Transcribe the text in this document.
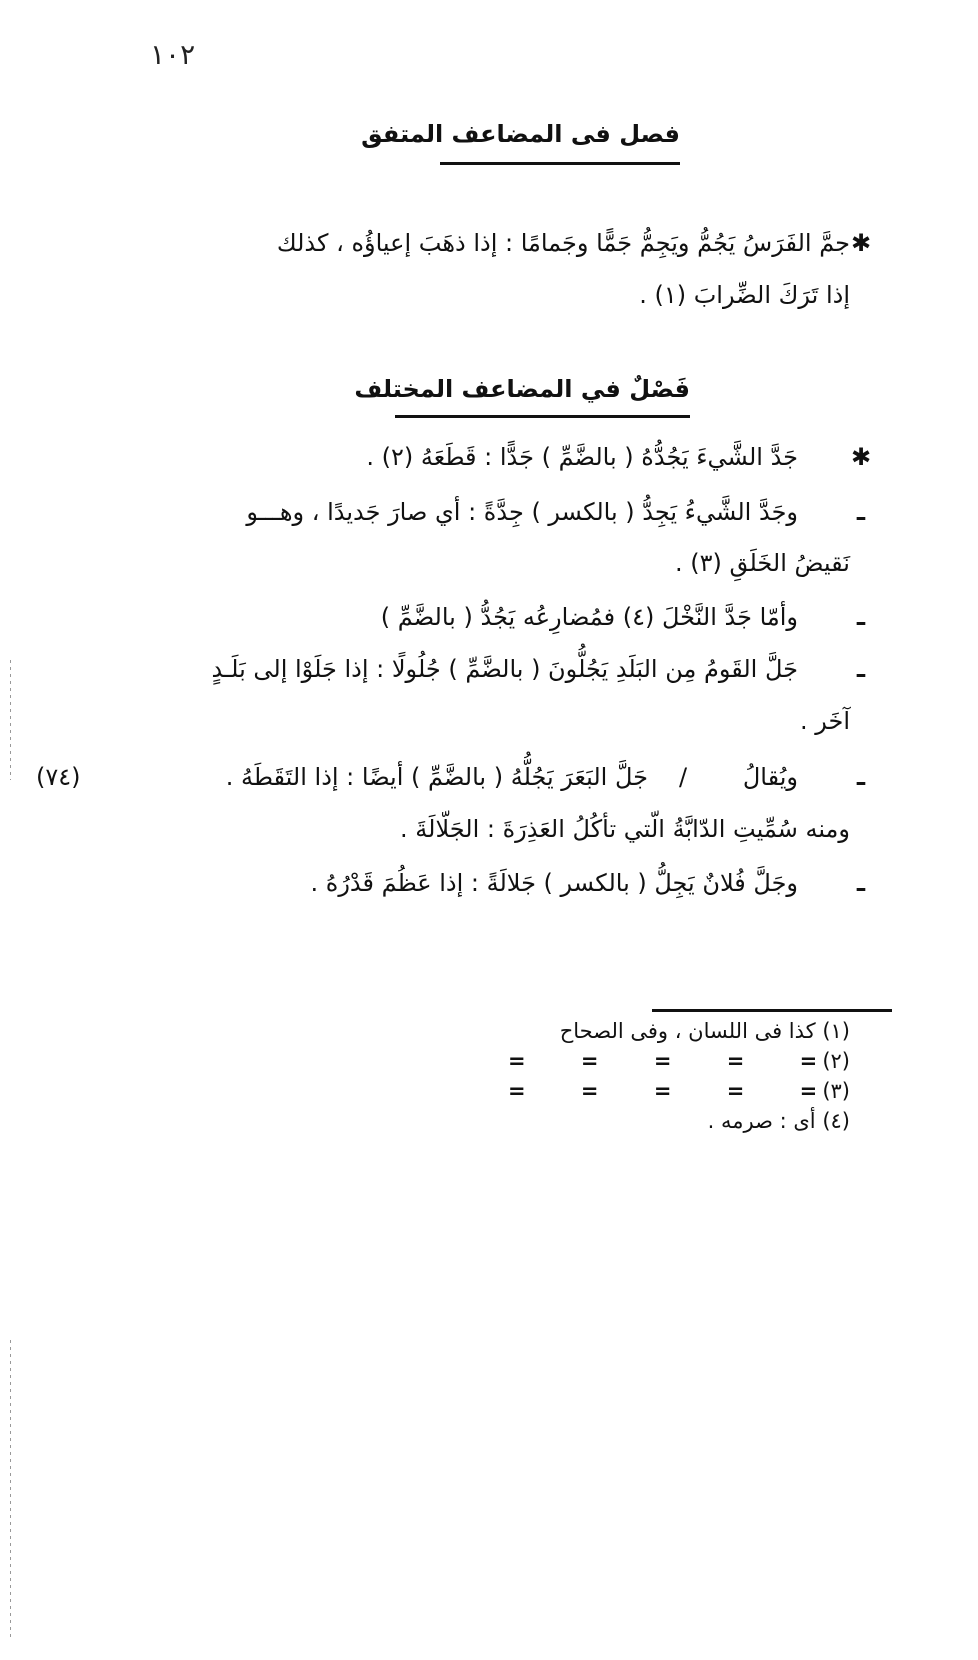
١٠٢
فصل فى المضاعف المتفق
✱
جمَّ الفَرَسُ يَجُمُّ ويَجِمُّ جَمًّا وجَمامًا : إذا ذهَبَ إعياؤُه ، كذلك
إذا تَرَكَ الضِّرابَ (١) .
فَصْلٌ في المضاعف المختلف
✱
جَدَّ الشَّيءَ يَجُدُّهُ ( بالضَّمِّ ) جَدًّا : قَطَعَهُ (٢) .
ـ
وجَدَّ الشَّيءُ يَجِدُّ ( بالكسر ) جِدَّةً : أي صارَ جَديدًا ، وهـــو
نَقيضُ الخَلَقِ (٣) .
ـ
وأمّا جَدَّ النَّخْلَ (٤) فمُضارِعُه يَجُدُّ ( بالضَّمِّ )
ـ
جَلَّ القَومُ مِن البَلَدِ يَجُلُّونَ ( بالضَّمِّ ) جُلُولًا : إذا جَلَوْا إلى بَلَـدٍ
آخَر .
ـ
ويُقالُ
/
جَلَّ البَعَرَ يَجُلُّهُ ( بالضَّمِّ ) أيضًا : إذا التَقَطَهُ .
(٧٤)
ومنه سُمِّيتِ الدّابَّةُ الّتي تأكُلُ العَذِرَةَ : الجَلّالَةَ .
ـ
وجَلَّ فُلانٌ يَجِلُّ ( بالكسر ) جَلالَةً : إذا عَظُمَ قَدْرُهُ .
(١) كذا فى اللسان ، وفى الصحاح
(٢)
= = = = =
(٣)
= = = = =
(٤) أى : صرمه .
